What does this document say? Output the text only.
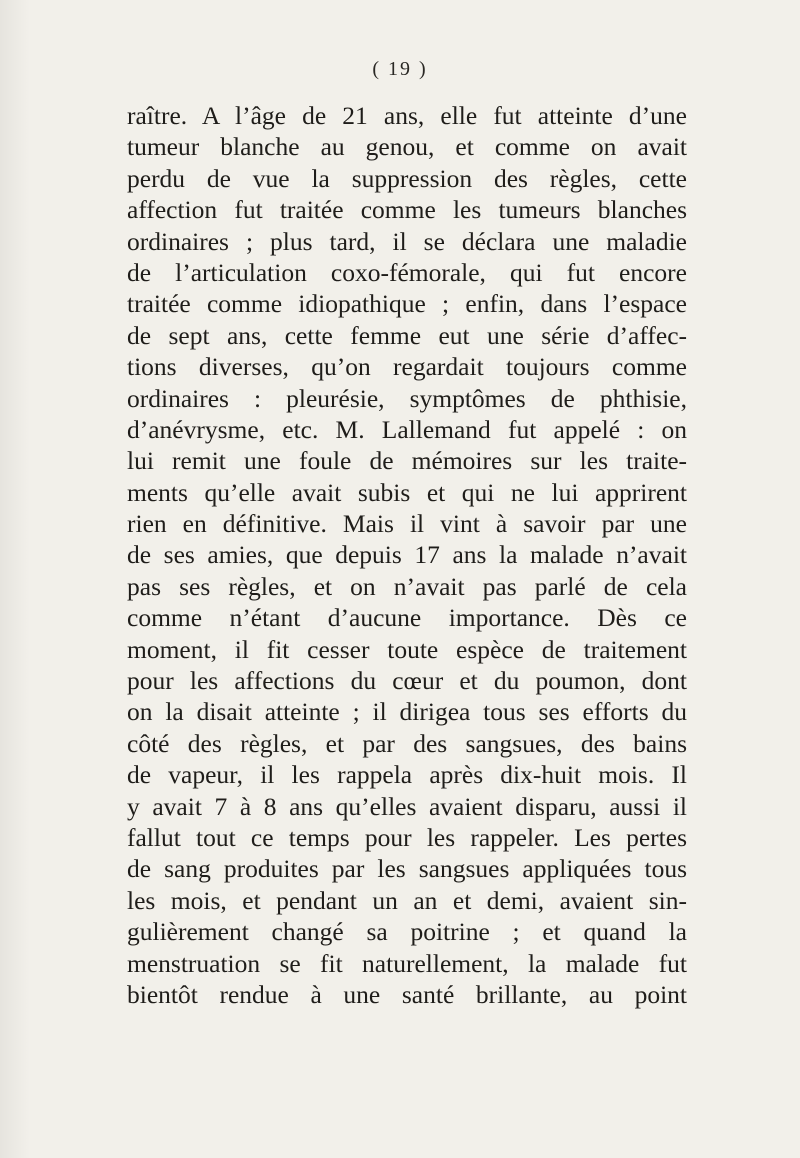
( 19 )
raître. A l’âge de 21 ans, elle fut atteinte d’une
tumeur blanche au genou, et comme on avait
perdu de vue la suppression des règles, cette
affection fut traitée comme les tumeurs blanches
ordinaires ; plus tard, il se déclara une maladie
de l’articulation coxo-fémorale, qui fut encore
traitée comme idiopathique ; enfin, dans l’espace
de sept ans, cette femme eut une série d’affec-
tions diverses, qu’on regardait toujours comme
ordinaires : pleurésie, symptômes de phthisie,
d’anévrysme, etc. M. Lallemand fut appelé : on
lui remit une foule de mémoires sur les traite-
ments qu’elle avait subis et qui ne lui apprirent
rien en définitive. Mais il vint à savoir par une
de ses amies, que depuis 17 ans la malade n’avait
pas ses règles, et on n’avait pas parlé de cela
comme n’étant d’aucune importance. Dès ce
moment, il fit cesser toute espèce de traitement
pour les affections du cœur et du poumon, dont
on la disait atteinte ; il dirigea tous ses efforts du
côté des règles, et par des sangsues, des bains
de vapeur, il les rappela après dix-huit mois. Il
y avait 7 à 8 ans qu’elles avaient disparu, aussi il
fallut tout ce temps pour les rappeler. Les pertes
de sang produites par les sangsues appliquées tous
les mois, et pendant un an et demi, avaient sin-
gulièrement changé sa poitrine ; et quand la
menstruation se fit naturellement, la malade fut
bientôt rendue à une santé brillante, au point
